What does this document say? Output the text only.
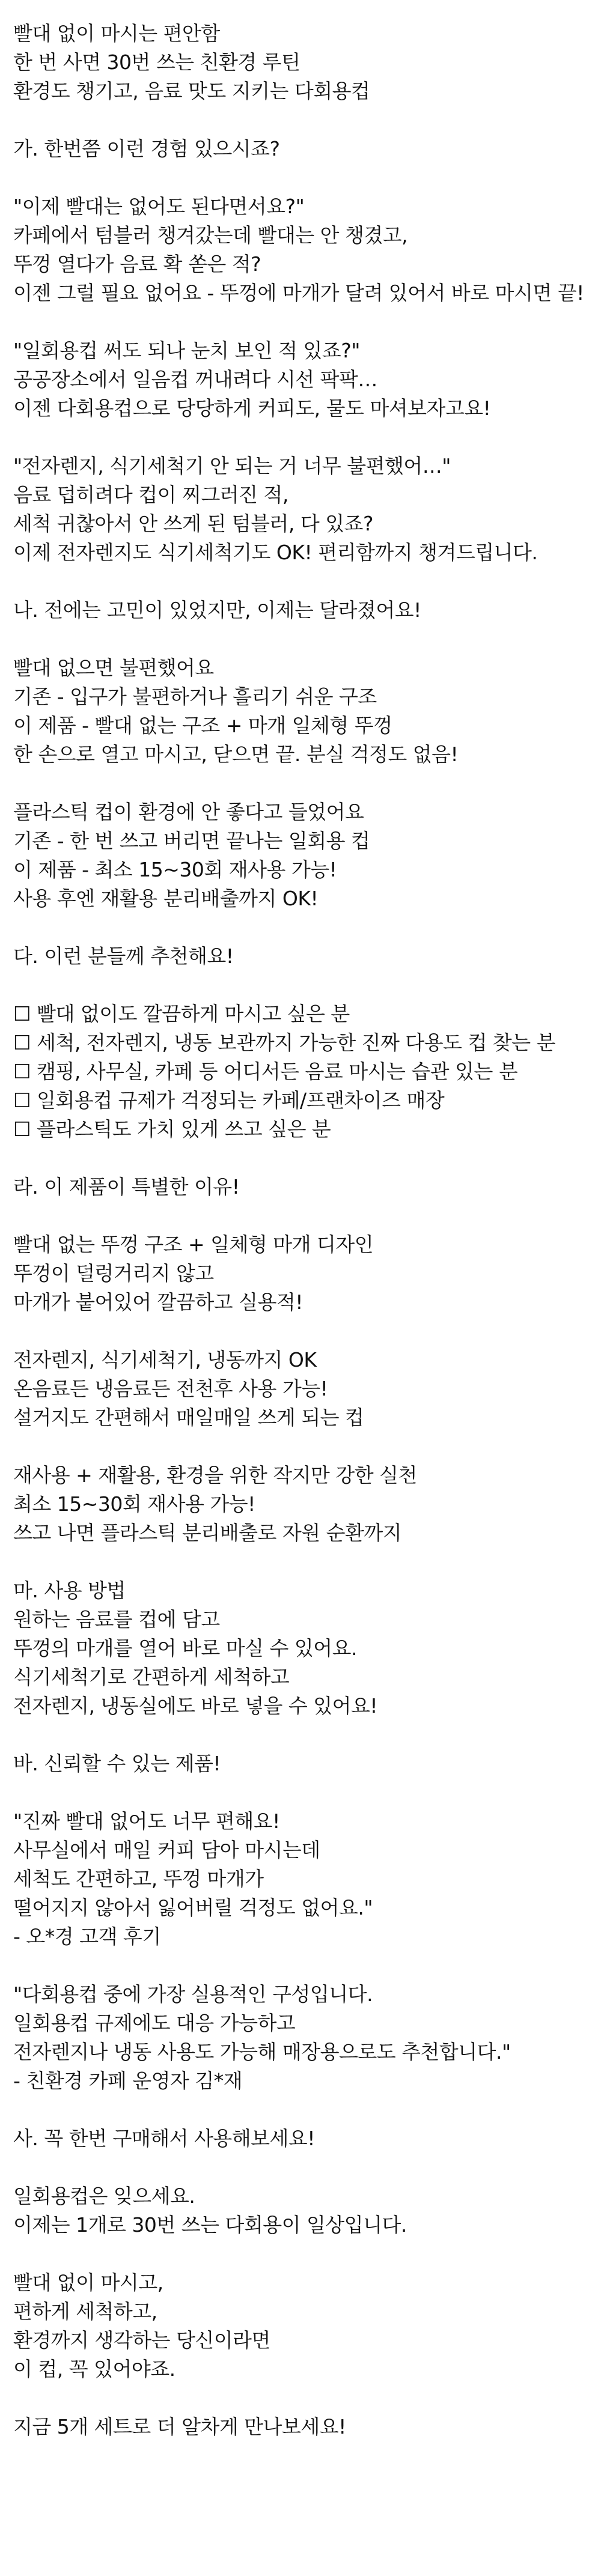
빨대 없이 마시는 편안함
한 번 사면 30번 쓰는 친환경 루틴
환경도 챙기고, 음료 맛도 지키는 다회용컵
가. 한번쯤 이런 경험 있으시죠?
"이제 빨대는 없어도 된다면서요?"
카페에서 텀블러 챙겨갔는데 빨대는 안 챙겼고,
뚜껑 열다가 음료 확 쏟은 적?
이젠 그럴 필요 없어요 - 뚜껑에 마개가 달려 있어서 바로 마시면 끝!
"일회용컵 써도 되나 눈치 보인 적 있죠?"
공공장소에서 일음컵 꺼내려다 시선 팍팍…
이젠 다회용컵으로 당당하게 커피도, 물도 마셔보자고요!
"전자렌지, 식기세척기 안 되는 거 너무 불편했어…"
음료 덥히려다 컵이 찌그러진 적,
세척 귀찮아서 안 쓰게 된 텀블러, 다 있죠?
이제 전자렌지도 식기세척기도 OK! 편리함까지 챙겨드립니다.
나. 전에는 고민이 있었지만, 이제는 달라졌어요!
빨대 없으면 불편했어요
기존 - 입구가 불편하거나 흘리기 쉬운 구조
이 제품 - 빨대 없는 구조 + 마개 일체형 뚜껑
한 손으로 열고 마시고, 닫으면 끝. 분실 걱정도 없음!
플라스틱 컵이 환경에 안 좋다고 들었어요
기존 - 한 번 쓰고 버리면 끝나는 일회용 컵
이 제품 - 최소 15~30회 재사용 가능!
사용 후엔 재활용 분리배출까지 OK!
다. 이런 분들께 추천해요!
☐ 빨대 없이도 깔끔하게 마시고 싶은 분
☐ 세척, 전자렌지, 냉동 보관까지 가능한 진짜 다용도 컵 찾는 분
☐ 캠핑, 사무실, 카페 등 어디서든 음료 마시는 습관 있는 분
☐ 일회용컵 규제가 걱정되는 카페/프랜차이즈 매장
☐ 플라스틱도 가치 있게 쓰고 싶은 분
라. 이 제품이 특별한 이유!
빨대 없는 뚜껑 구조 + 일체형 마개 디자인
뚜껑이 덜렁거리지 않고
마개가 붙어있어 깔끔하고 실용적!
전자렌지, 식기세척기, 냉동까지 OK
온음료든 냉음료든 전천후 사용 가능!
설거지도 간편해서 매일매일 쓰게 되는 컵
재사용 + 재활용, 환경을 위한 작지만 강한 실천
최소 15~30회 재사용 가능!
쓰고 나면 플라스틱 분리배출로 자원 순환까지
마. 사용 방법
원하는 음료를 컵에 담고
뚜껑의 마개를 열어 바로 마실 수 있어요.
식기세척기로 간편하게 세척하고
전자렌지, 냉동실에도 바로 넣을 수 있어요!
바. 신뢰할 수 있는 제품!
"진짜 빨대 없어도 너무 편해요!
사무실에서 매일 커피 담아 마시는데
세척도 간편하고, 뚜껑 마개가
떨어지지 않아서 잃어버릴 걱정도 없어요."
- 오*경 고객 후기
"다회용컵 중에 가장 실용적인 구성입니다.
일회용컵 규제에도 대응 가능하고
전자렌지나 냉동 사용도 가능해 매장용으로도 추천합니다."
- 친환경 카페 운영자 김*재
사. 꼭 한번 구매해서 사용해보세요!
일회용컵은 잊으세요.
이제는 1개로 30번 쓰는 다회용이 일상입니다.
빨대 없이 마시고,
편하게 세척하고,
환경까지 생각하는 당신이라면
이 컵, 꼭 있어야죠.
지금 5개 세트로 더 알차게 만나보세요!
